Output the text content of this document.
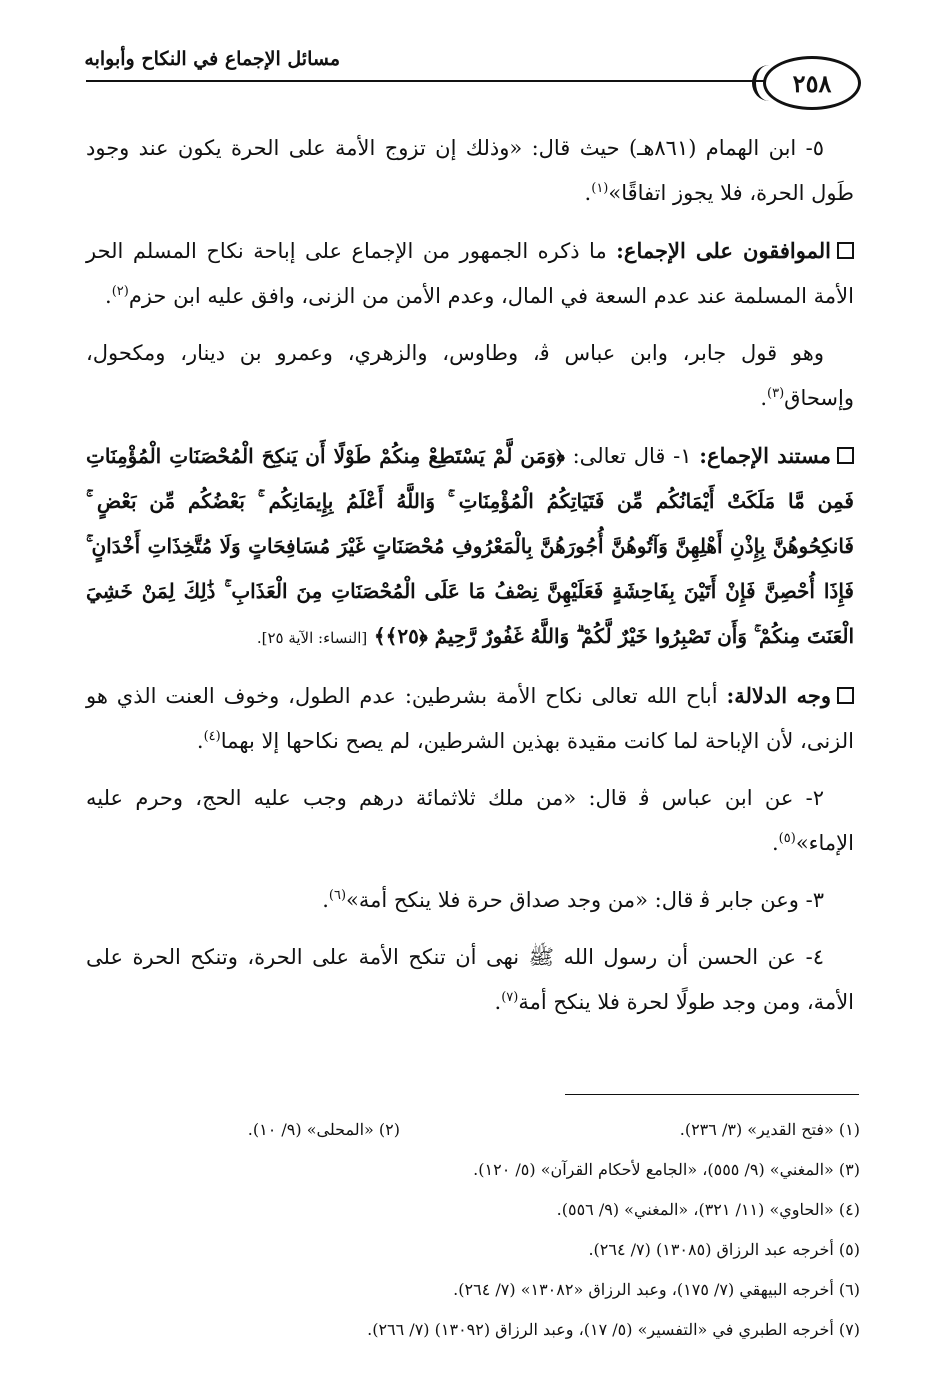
مسائل الإجماع في النكاح وأبوابه
٢٥٨

٥- ابن الهمام (٨٦١هـ) حيث قال: «وذلك إن تزوج الأمة على الحرة يكون عند وجود طَول الحرة، فلا يجوز اتفاقًا»$^{(١)}$.

الموافقون على الإجماع: ما ذكره الجمهور من الإجماع على إباحة نكاح المسلم الحر الأمة المسلمة عند عدم السعة في المال، وعدم الأمن من الزنى، وافق عليه ابن حزم$^{(٢)}$.

وهو قول جابر، وابن عباس ﭬ، وطاوس، والزهري، وعمرو بن دينار، ومكحول، وإسحاق$^{(٣)}$.

مستند الإجماع: ١- قال تعالى: ﴿وَمَن لَّمْ يَسْتَطِعْ مِنكُمْ طَوْلًا أَن يَنكِحَ الْمُحْصَنَاتِ الْمُؤْمِنَاتِ فَمِن مَّا مَلَكَتْ أَيْمَانُكُم مِّن فَتَيَاتِكُمُ الْمُؤْمِنَاتِ ۚ وَاللَّهُ أَعْلَمُ بِإِيمَانِكُم ۚ بَعْضُكُم مِّن بَعْضٍ ۚ فَانكِحُوهُنَّ بِإِذْنِ أَهْلِهِنَّ وَآتُوهُنَّ أُجُورَهُنَّ بِالْمَعْرُوفِ مُحْصَنَاتٍ غَيْرَ مُسَافِحَاتٍ وَلَا مُتَّخِذَاتِ أَخْدَانٍ ۚ فَإِذَا أُحْصِنَّ فَإِنْ أَتَيْنَ بِفَاحِشَةٍ فَعَلَيْهِنَّ نِصْفُ مَا عَلَى الْمُحْصَنَاتِ مِنَ الْعَذَابِ ۚ ذَٰلِكَ لِمَنْ خَشِيَ الْعَنَتَ مِنكُمْ ۚ وَأَن تَصْبِرُوا خَيْرٌ لَّكُمْ ۗ وَاللَّهُ غَفُورٌ رَّحِيمٌ ﴿٢٥﴾﴾ [النساء: الآية ٢٥].

وجه الدلالة: أباح الله تعالى نكاح الأمة بشرطين: عدم الطول، وخوف العنت الذي هو الزنى، لأن الإباحة لما كانت مقيدة بهذين الشرطين، لم يصح نكاحها إلا بهما$^{(٤)}$.

٢- عن ابن عباس ﭬ قال: «من ملك ثلاثمائة درهم وجب عليه الحج، وحرم عليه الإماء»$^{(٥)}$.

٣- وعن جابر ﭬ قال: «من وجد صداق حرة فلا ينكح أمة»$^{(٦)}$.

٤- عن الحسن أن رسول الله ﷺ نهى أن تنكح الأمة على الحرة، وتنكح الحرة على الأمة، ومن وجد طولًا لحرة فلا ينكح أمة$^{(٧)}$.

(١) «فتح القدير» (٣/ ٢٣٦).
(٢) «المحلى» (٩/ ١٠).
(٣) «المغني» (٩/ ٥٥٥)، «الجامع لأحكام القرآن» (٥/ ١٢٠).
(٤) «الحاوي» (١١/ ٣٢١)، «المغني» (٩/ ٥٥٦).
(٥) أخرجه عبد الرزاق (١٣٠٨٥) (٧/ ٢٦٤).
(٦) أخرجه البيهقي (٧/ ١٧٥)، وعبد الرزاق «١٣٠٨٢» (٧/ ٢٦٤).
(٧) أخرجه الطبري في «التفسير» (٥/ ١٧)، وعبد الرزاق (١٣٠٩٢) (٧/ ٢٦٦).
